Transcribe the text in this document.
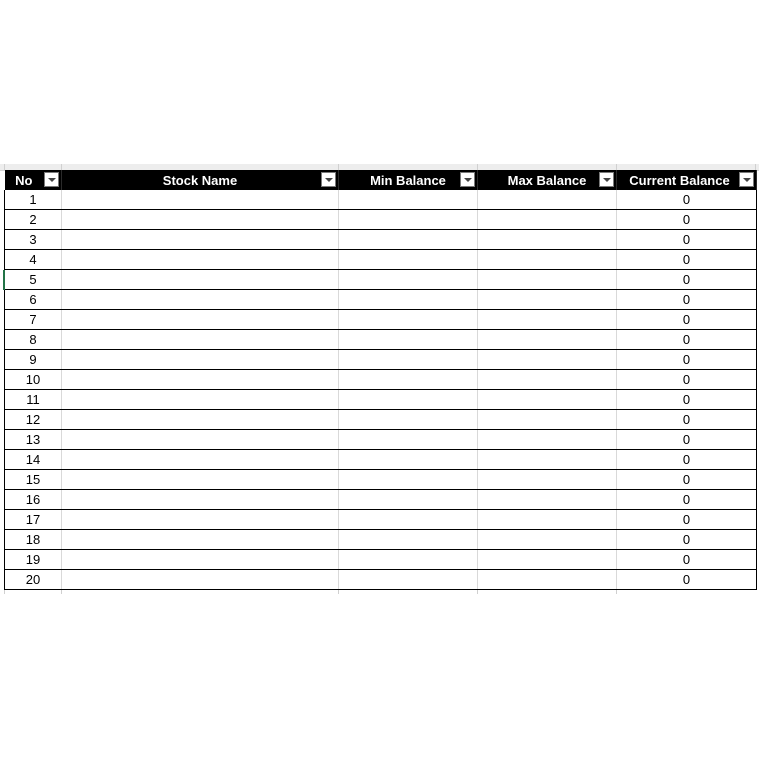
No	Stock Name	Min Balance	Max Balance	Current Balance

1				0
2				0
3				0
4				0
5				0
6				0
7				0
8				0
9				0
10				0
11				0
12				0
13				0
14				0
15				0
16				0
17				0
18				0
19				0
20				0
